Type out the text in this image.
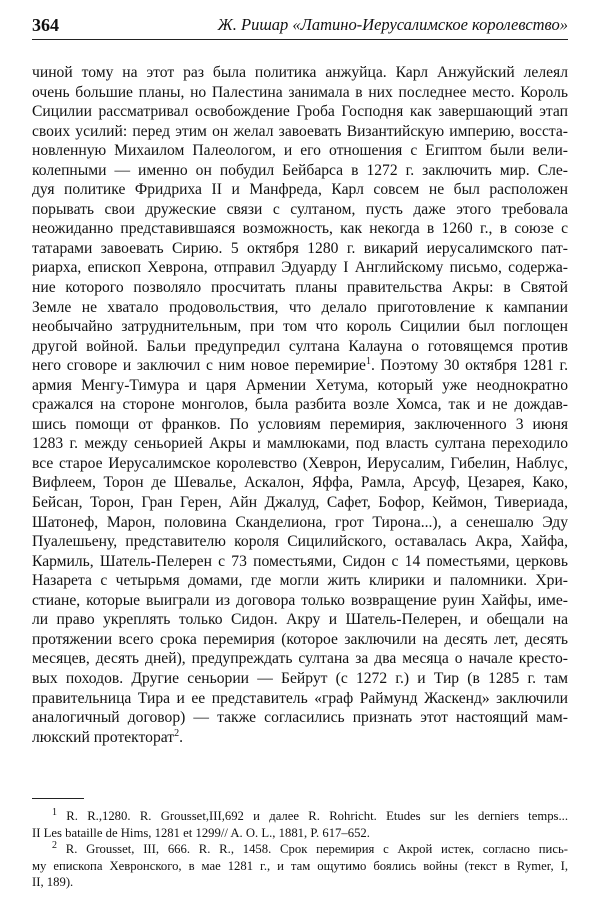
364	Ж. Ришар «Латино-Иерусалимское королевство»
чиной тому на этот раз была политика анжуйца. Карл Анжуйский лелеял
очень большие планы, но Палестина занимала в них последнее место. Король
Сицилии рассматривал освобождение Гроба Господня как завершающий этап
своих усилий: перед этим он желал завоевать Византийскую империю, восста-
новленную Михаилом Палеологом, и его отношения с Египтом были вели-
колепными — именно он побудил Бейбарса в 1272 г. заключить мир. Сле-
дуя политике Фридриха II и Манфреда, Карл совсем не был расположен
порывать свои дружеские связи с султаном, пусть даже этого требовала
неожиданно представившаяся возможность, как некогда в 1260 г., в союзе с
татарами завоевать Сирию. 5 октября 1280 г. викарий иерусалимского пат-
риарха, епископ Хеврона, отправил Эдуарду I Английскому письмо, содержа-
ние которого позволяло просчитать планы правительства Акры: в Святой
Земле не хватало продовольствия, что делало приготовление к кампании
необычайно затруднительным, при том что король Сицилии был поглощен
другой войной. Бальи предупредил султана Калауна о готовящемся против
него сговоре и заключил с ним новое перемирие$^1$. Поэтому 30 октября 1281 г.
армия Менгу-Тимура и царя Армении Хетума, который уже неоднократно
сражался на стороне монголов, была разбита возле Хомса, так и не дождав-
шись помощи от франков. По условиям перемирия, заключенного 3 июня
1283 г. между сеньорией Акры и мамлюками, под власть султана переходило
все старое Иерусалимское королевство (Хеврон, Иерусалим, Гибелин, Наблус,
Вифлеем, Торон де Шевалье, Аскалон, Яффа, Рамла, Арсуф, Цезарея, Како,
Бейсан, Торон, Гран Герен, Айн Джалуд, Сафет, Бофор, Кеймон, Тивериада,
Шатонеф, Марон, половина Сканделиона, грот Тирона...), а сенешалю Эду
Пуалешьену, представителю короля Сицилийского, оставалась Акра, Хайфа,
Кармиль, Шатель-Пелерен с 73 поместьями, Сидон с 14 поместьями, церковь
Назарета с четырьмя домами, где могли жить клирики и паломники. Хри-
стиане, которые выиграли из договора только возвращение руин Хайфы, име-
ли право укреплять только Сидон. Акру и Шатель-Пелерен, и обещали на
протяжении всего срока перемирия (которое заключили на десять лет, десять
месяцев, десять дней), предупреждать султана за два месяца о начале кресто-
вых походов. Другие сеньории — Бейрут (с 1272 г.) и Тир (в 1285 г. там
правительница Тира и ее представитель «граф Раймунд Жаскенд» заключили
аналогичный договор) — также согласились признать этот настоящий мам-
люкский протекторат$^2$.
$^1$ R. R.,1280. R. Grousset,III,692 и далее R. Rohricht. Etudes sur les derniers temps...
II Les bataille de Hims, 1281 et 1299// A. O. L., 1881, P. 617–652.
$^2$ R. Grousset, III, 666. R. R., 1458. Срок перемирия с Акрой истек, согласно пись-
му епископа Хевронского, в мае 1281 г., и там ощутимо боялись войны (текст в Rymer, I,
II, 189).
